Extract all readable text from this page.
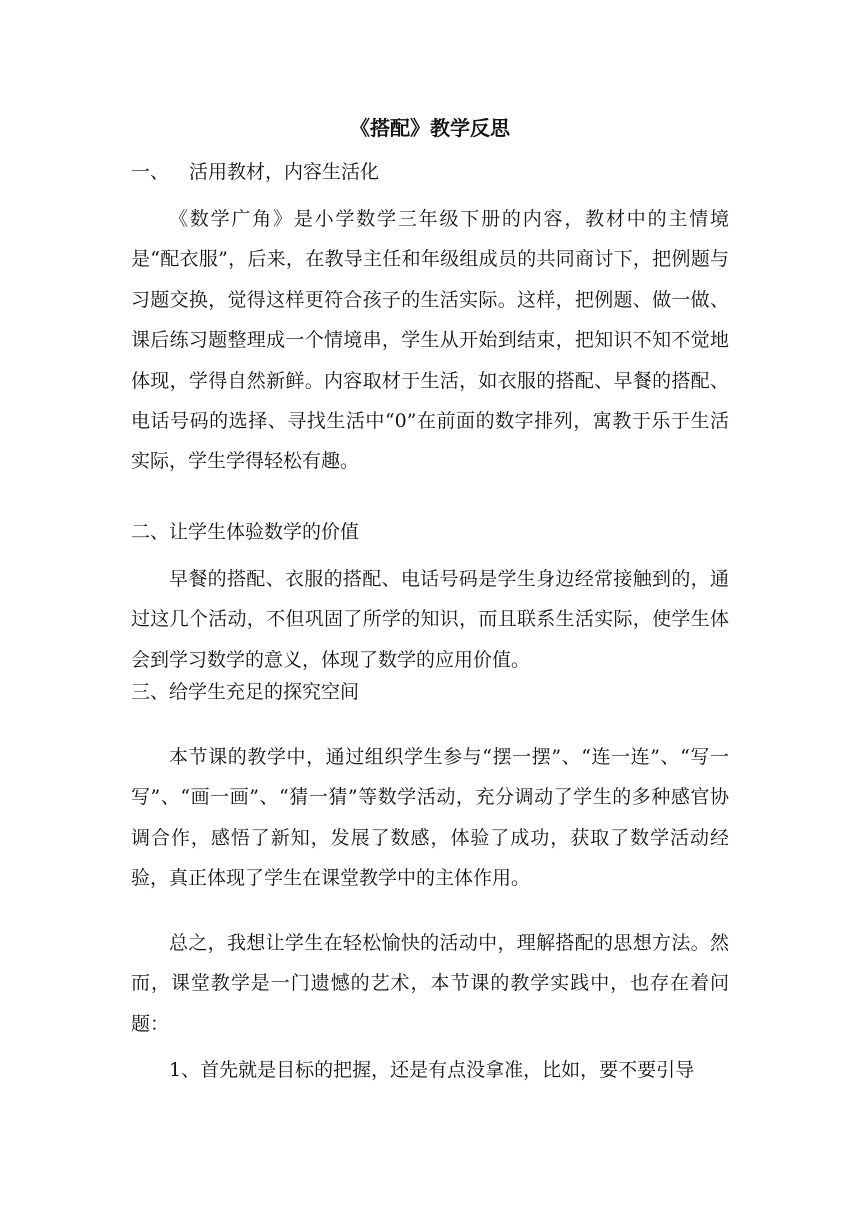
《搭配》教学反思
一、 活用教材，内容生活化

《数学广角》是小学数学三年级下册的内容，教材中的主情境是“配衣服”，后来，在教导主任和年级组成员的共同商讨下，把例题与习题交换，觉得这样更符合孩子的生活实际。这样，把例题、做一做、课后练习题整理成一个情境串，学生从开始到结束，把知识不知不觉地体现，学得自然新鲜。内容取材于生活，如衣服的搭配、早餐的搭配、电话号码的选择、寻找生活中“0”在前面的数字排列，寓教于乐于生活实际，学生学得轻松有趣。

二、让学生体验数学的价值

早餐的搭配、衣服的搭配、电话号码是学生身边经常接触到的，通过这几个活动，不但巩固了所学的知识，而且联系生活实际，使学生体会到学习数学的意义，体现了数学的应用价值。

三、给学生充足的探究空间

本节课的教学中，通过组织学生参与“摆一摆”、“连一连”、“写一写”、“画一画”、“猜一猜”等数学活动，充分调动了学生的多种感官协调合作，感悟了新知，发展了数感，体验了成功，获取了数学活动经验，真正体现了学生在课堂教学中的主体作用。

总之，我想让学生在轻松愉快的活动中，理解搭配的思想方法。然而，课堂教学是一门遗憾的艺术，本节课的教学实践中，也存在着问题：

1、首先就是目标的把握，还是有点没拿准，比如，要不要引导
